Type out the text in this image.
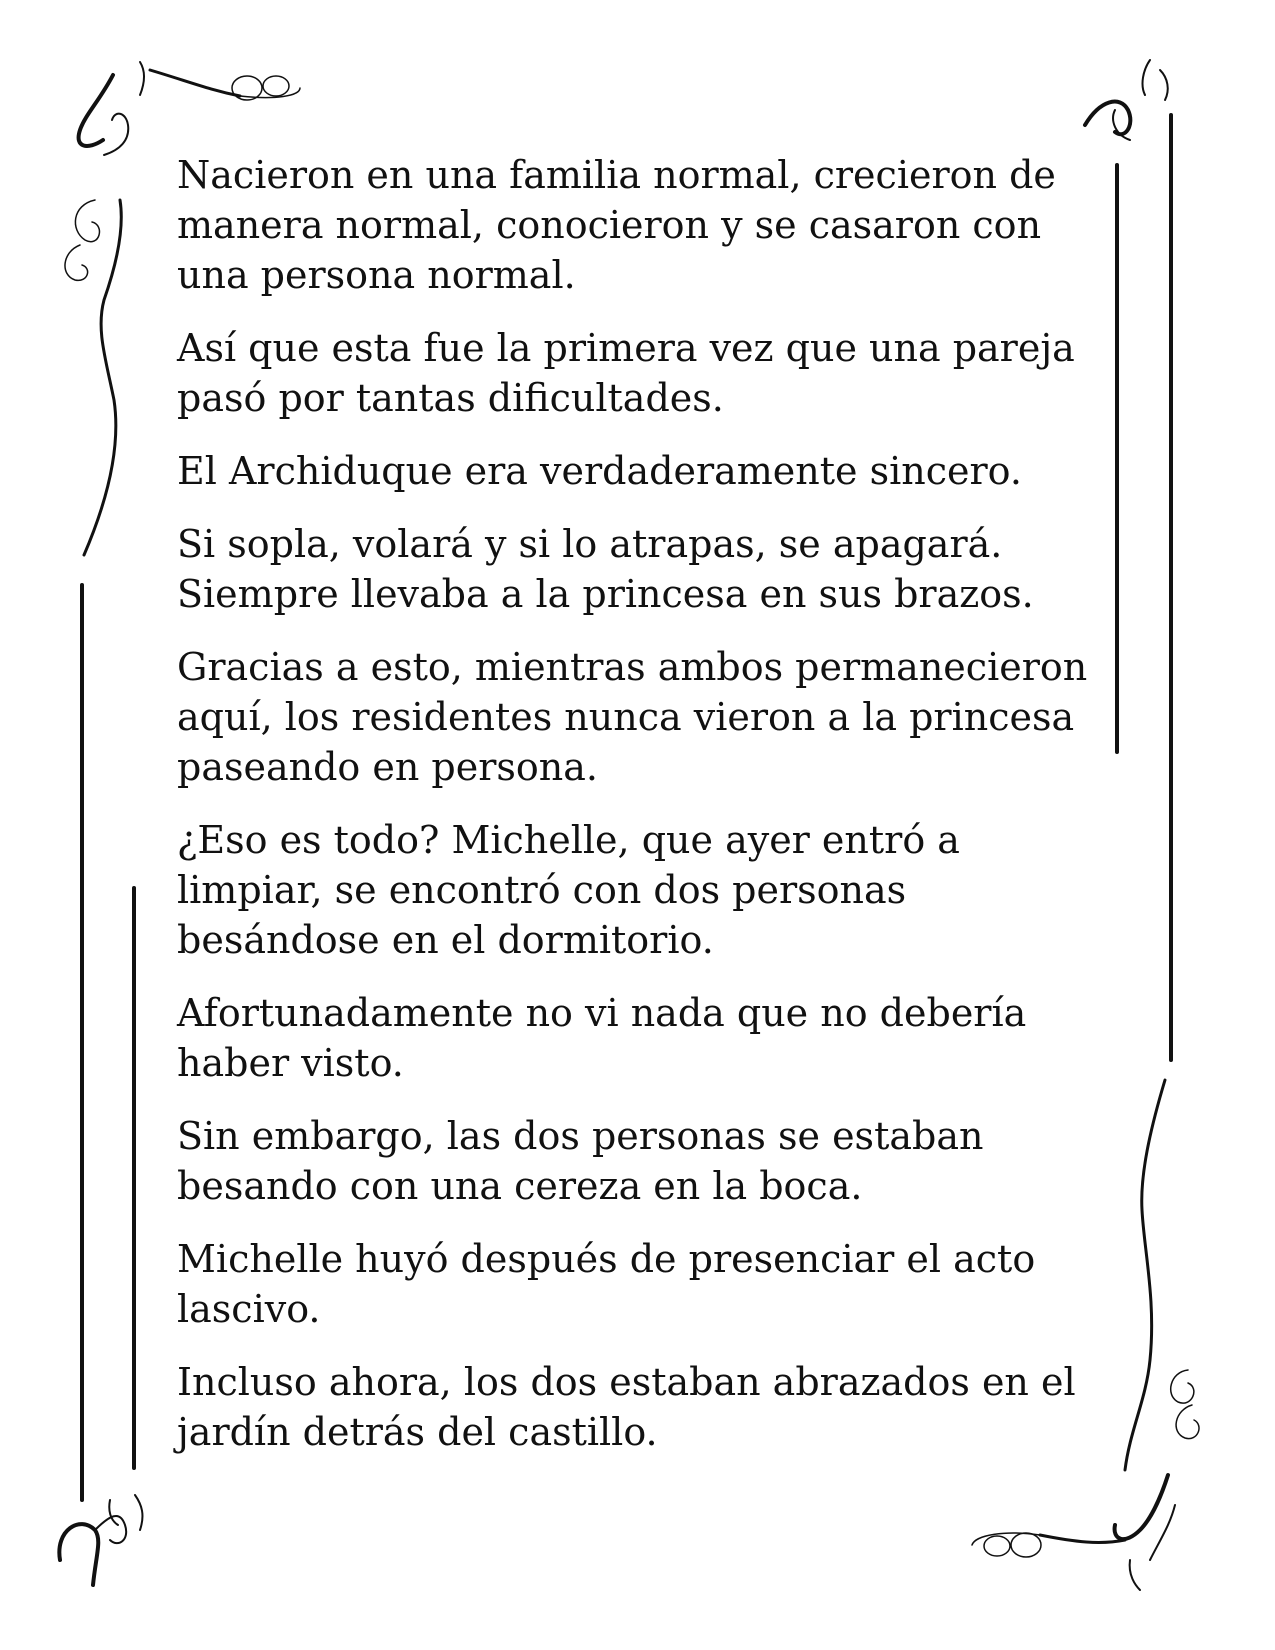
Nacieron en una familia normal, crecieron de
manera normal, conocieron y se casaron con
una persona normal.

Así que esta fue la primera vez que una pareja
pasó por tantas dificultades.

El Archiduque era verdaderamente sincero.

Si sopla, volará y si lo atrapas, se apagará.
Siempre llevaba a la princesa en sus brazos.

Gracias a esto, mientras ambos permanecieron
aquí, los residentes nunca vieron a la princesa
paseando en persona.

¿Eso es todo? Michelle, que ayer entró a
limpiar, se encontró con dos personas
besándose en el dormitorio.

Afortunadamente no vi nada que no debería
haber visto.

Sin embargo, las dos personas se estaban
besando con una cereza en la boca.

Michelle huyó después de presenciar el acto
lascivo.

Incluso ahora, los dos estaban abrazados en el
jardín detrás del castillo.
